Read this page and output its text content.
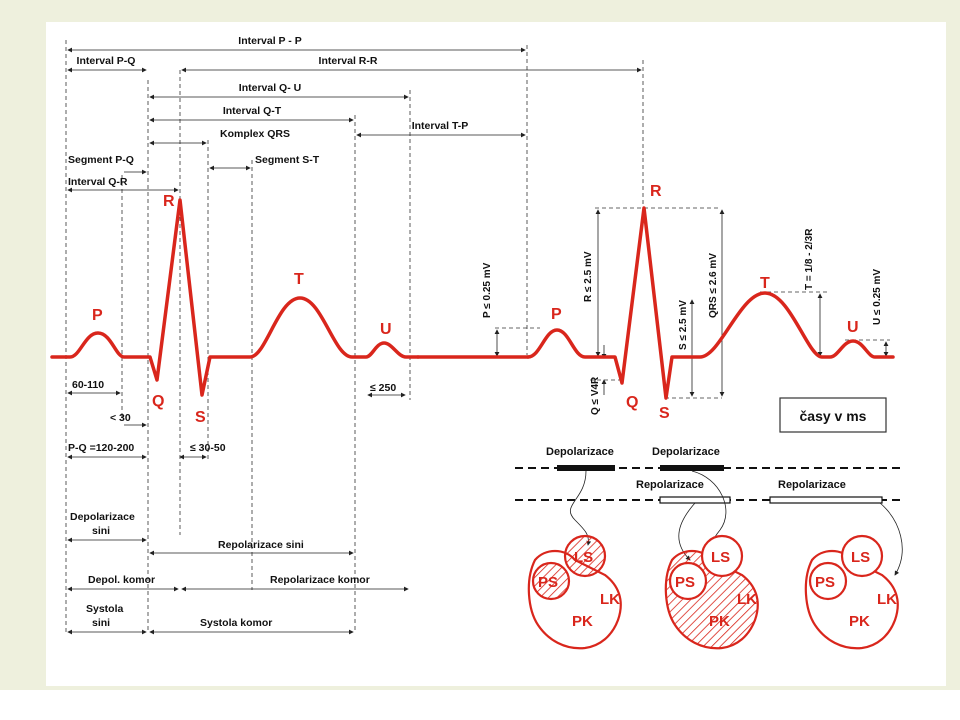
Interval P - P
Interval P-Q	Interval R-R
Interval Q- U
Interval Q-T
Interval T-P
Komplex QRS
Segment P-Q	Segment S-T
Interval Q-R
P
Q
R
S
T
U
P
Q
R
S
T
U
60-110
< 30
P-Q =120-200	≤ 30-50
≤ 250
P ≤ 0.25 mV	R ≤ 2.5 mV	QRS ≤ 2.6 mV
S ≤ 2.5 mV
Q ≤ V4R
T = 1/8 - 2/3R
U ≤ 0.25 mV
Depolarizace
sini
Repolarizace sini
Depol. komor	Repolarizace komor
Systola
sini	Systola komor
časy v ms
Depolarizace	Depolarizace
Repolarizace	Repolarizace
LS
PS
LK
PK
LS
PS
LK
PK
LS
PS
LK
PK
